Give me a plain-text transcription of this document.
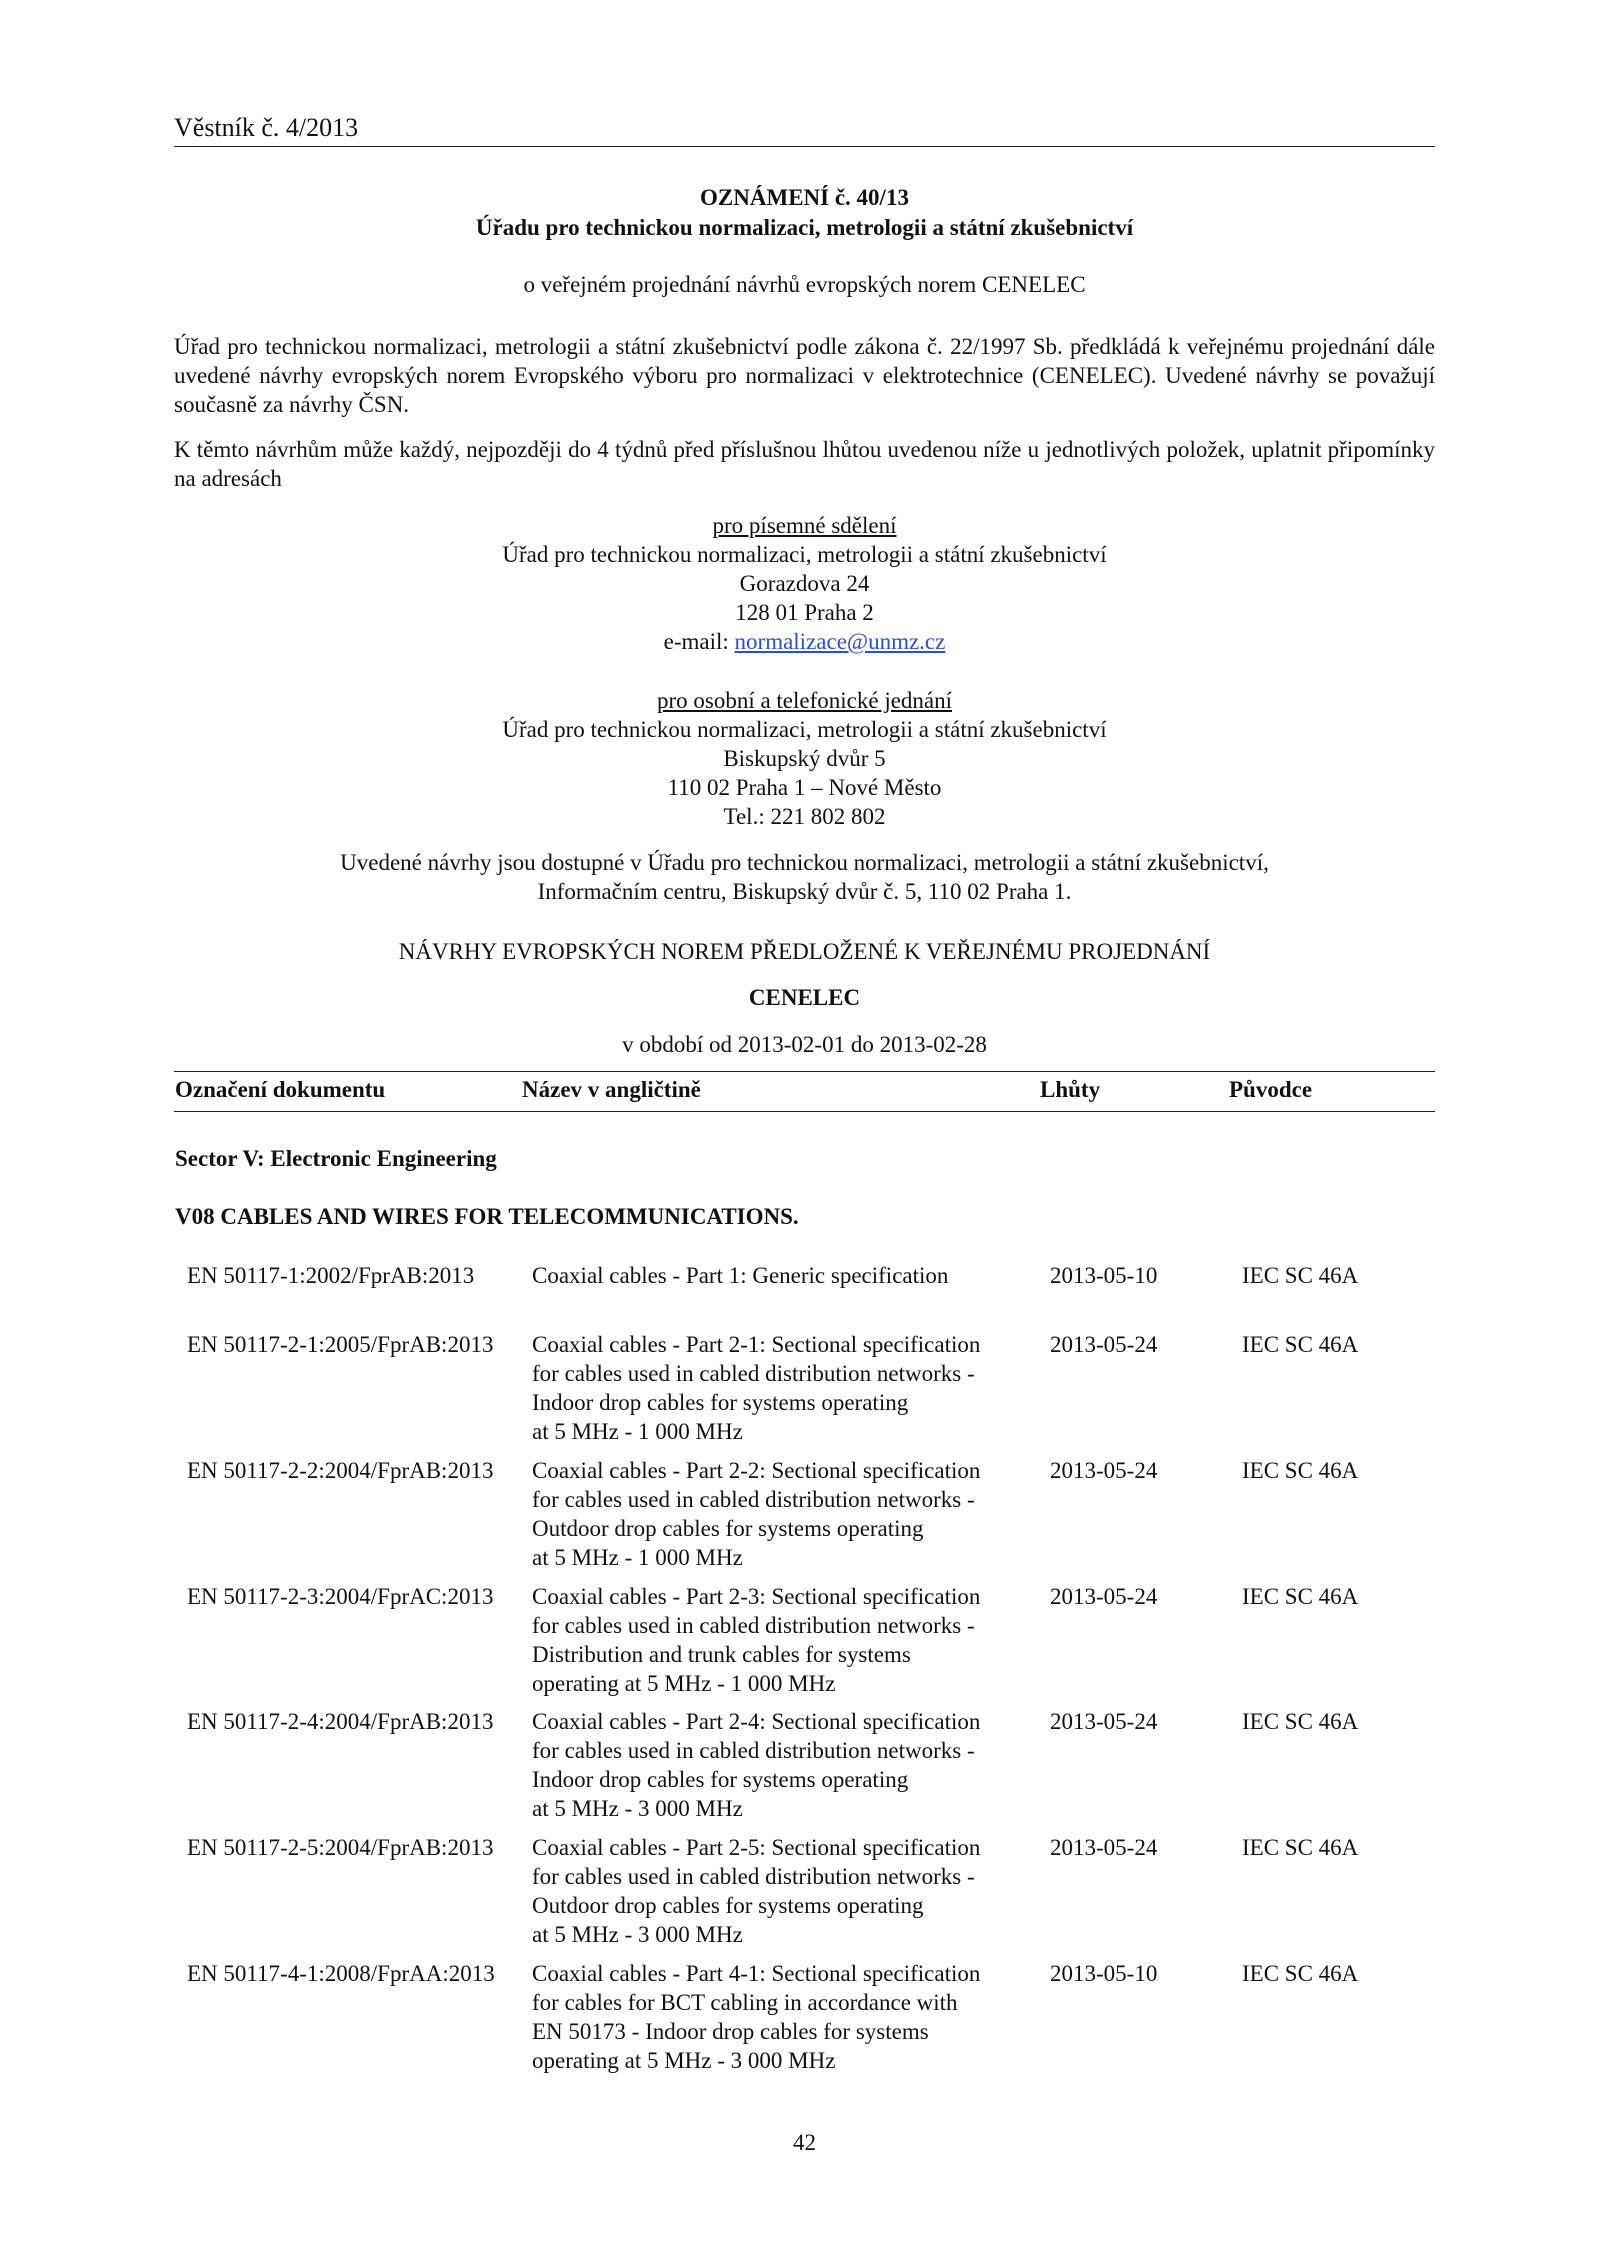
Věstník č. 4/2013
OZNÁMENÍ č. 40/13
Úřadu pro technickou normalizaci, metrologii a státní zkušebnictví
o veřejném projednání návrhů evropských norem CENELEC
Úřad pro technickou normalizaci, metrologii a státní zkušebnictví podle zákona č. 22/1997 Sb. předkládá k veřejnému projednání dále uvedené návrhy evropských norem Evropského výboru pro normalizaci v elektrotechnice (CENELEC). Uvedené návrhy se považují současně za návrhy ČSN.
K těmto návrhům může každý, nejpozději do 4 týdnů před příslušnou lhůtou uvedenou níže u jednotlivých položek, uplatnit připomínky na adresách
pro písemné sdělení
Úřad pro technickou normalizaci, metrologii a státní zkušebnictví
Gorazdova 24
128 01 Praha 2
e-mail: normalizace@unmz.cz
pro osobní a telefonické jednání
Úřad pro technickou normalizaci, metrologii a státní zkušebnictví
Biskupský dvůr 5
110 02 Praha 1 – Nové Město
Tel.: 221 802 802
Uvedené návrhy jsou dostupné v Úřadu pro technickou normalizaci, metrologii a státní zkušebnictví,
Informačním centru, Biskupský dvůr č. 5, 110 02 Praha 1.
NÁVRHY EVROPSKÝCH NOREM PŘEDLOŽENÉ K VEŘEJNÉMU PROJEDNÁNÍ
CENELEC
v období od 2013-02-01 do 2013-02-28
Označení dokumentu	Název v angličtině	Lhůty	Původce
Sector V: Electronic Engineering
V08 CABLES AND WIRES FOR TELECOMMUNICATIONS.
EN 50117-1:2002/FprAB:2013	Coaxial cables - Part 1: Generic specification	2013-05-10	IEC SC 46A
EN 50117-2-1:2005/FprAB:2013 Coaxial cables - Part 2-1: Sectional specification
for cables used in cabled distribution networks -
Indoor drop cables for systems operating
at 5 MHz - 1 000 MHz
2013-05-24	IEC SC 46A
EN 50117-2-2:2004/FprAB:2013 Coaxial cables - Part 2-2: Sectional specification
for cables used in cabled distribution networks -
Outdoor drop cables for systems operating
at 5 MHz - 1 000 MHz
2013-05-24	IEC SC 46A
EN 50117-2-3:2004/FprAC:2013 Coaxial cables - Part 2-3: Sectional specification
for cables used in cabled distribution networks -
Distribution and trunk cables for systems
operating at 5 MHz - 1 000 MHz
2013-05-24	IEC SC 46A
EN 50117-2-4:2004/FprAB:2013 Coaxial cables - Part 2-4: Sectional specification
for cables used in cabled distribution networks -
Indoor drop cables for systems operating
at 5 MHz - 3 000 MHz
2013-05-24	IEC SC 46A
EN 50117-2-5:2004/FprAB:2013 Coaxial cables - Part 2-5: Sectional specification
for cables used in cabled distribution networks -
Outdoor drop cables for systems operating
at 5 MHz - 3 000 MHz
2013-05-24	IEC SC 46A
EN 50117-4-1:2008/FprAA:2013 Coaxial cables - Part 4-1: Sectional specification
for cables for BCT cabling in accordance with
EN 50173 - Indoor drop cables for systems
operating at 5 MHz - 3 000 MHz
2013-05-10	IEC SC 46A
42
